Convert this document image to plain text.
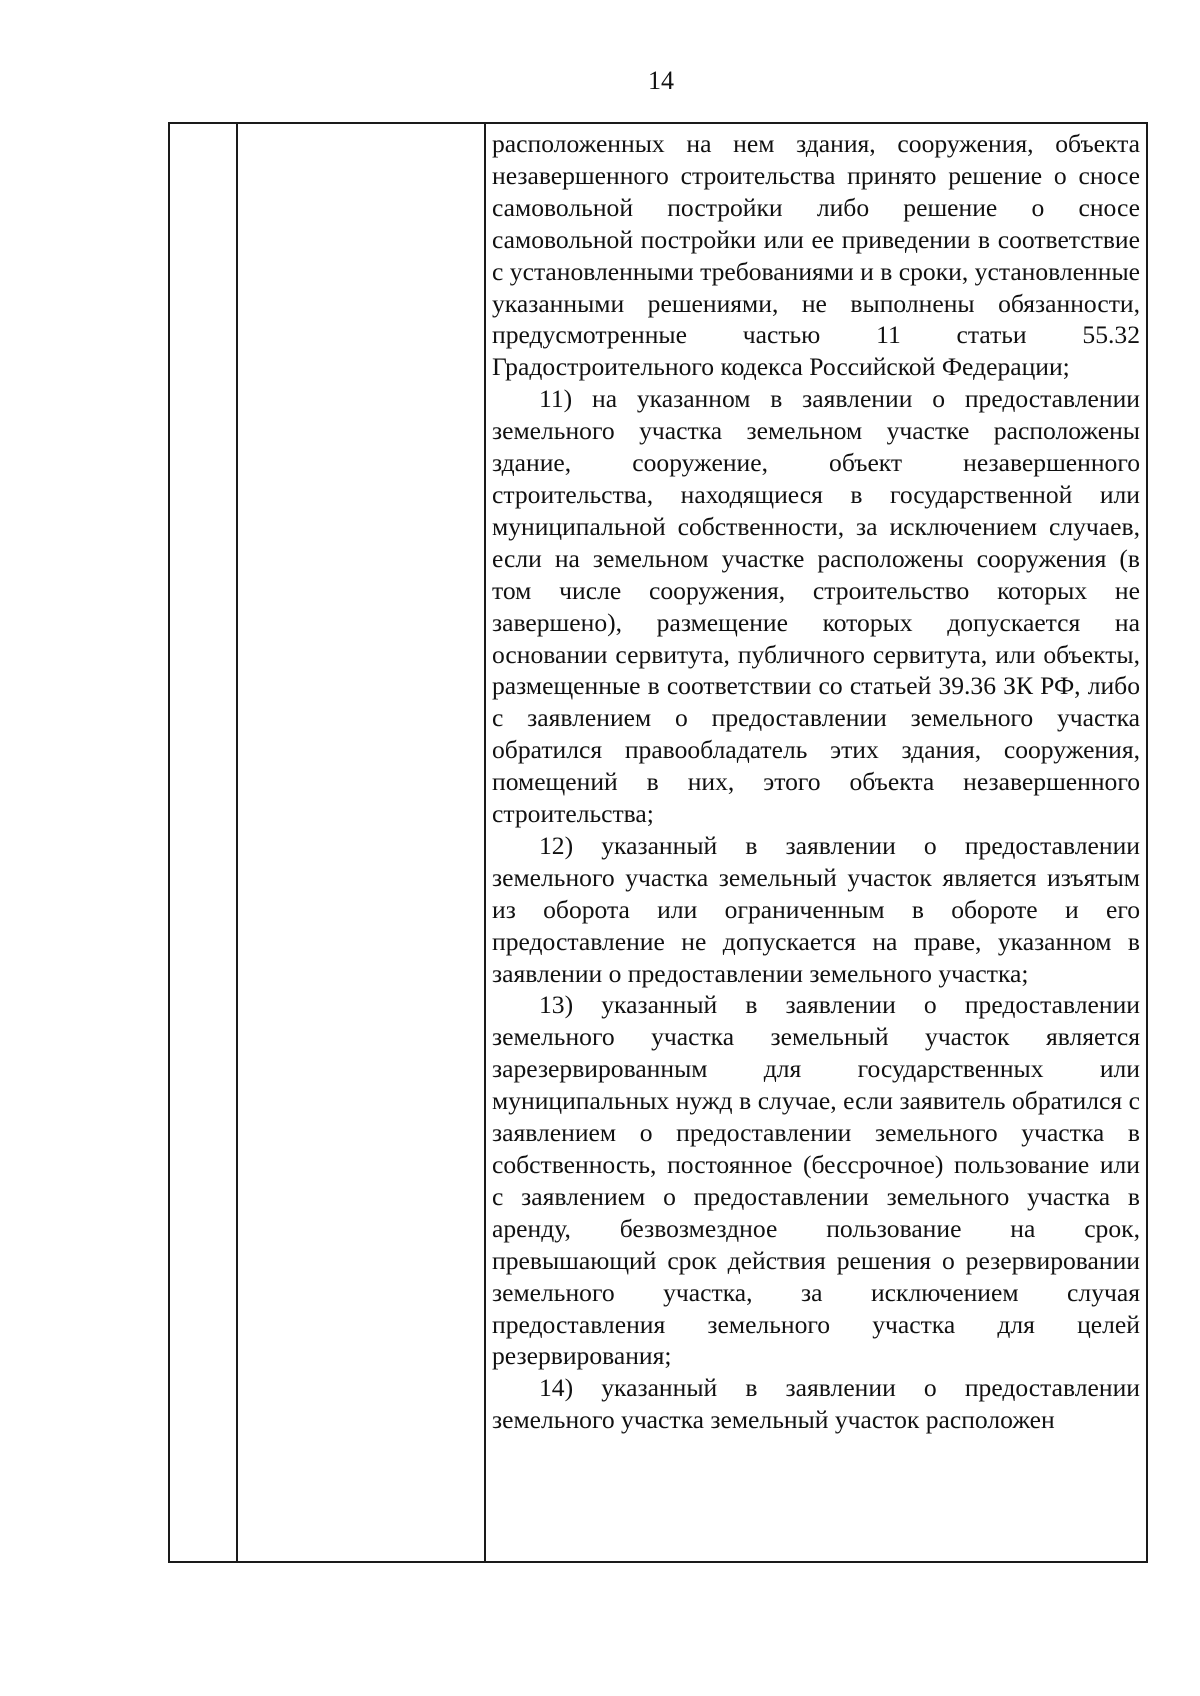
14

расположенных на нем здания, сооружения, объекта незавершенного строительства принято решение о сносе самовольной постройки либо решение о сносе самовольной постройки или ее приведении в соответствие с установленными требованиями и в сроки, установленные указанными решениями, не выполнены обязанности, предусмотренные частью 11 статьи 55.32 Градостроительного кодекса Российской Федерации;

11) на указанном в заявлении о предоставлении земельного участка земельном участке расположены здание, сооружение, объект незавершенного строительства, находящиеся в государственной или муниципальной собственности, за исключением случаев, если на земельном участке расположены сооружения (в том числе сооружения, строительство которых не завершено), размещение которых допускается на основании сервитута, публичного сервитута, или объекты, размещенные в соответствии со статьей 39.36 ЗК РФ, либо с заявлением о предоставлении земельного участка обратился правообладатель этих здания, сооружения, помещений в них, этого объекта незавершенного строительства;

12) указанный в заявлении о предоставлении земельного участка земельный участок является изъятым из оборота или ограниченным в обороте и его предоставление не допускается на праве, указанном в заявлении о предоставлении земельного участка;

13) указанный в заявлении о предоставлении земельного участка земельный участок является зарезервированным для государственных или муниципальных нужд в случае, если заявитель обратился с заявлением о предоставлении земельного участка в собственность, постоянное (бессрочное) пользование или с заявлением о предоставлении земельного участка в аренду, безвозмездное пользование на срок, превышающий срок действия решения о резервировании земельного участка, за исключением случая предоставления земельного участка для целей резервирования;

14) указанный в заявлении о предоставлении земельного участка земельный участок расположен
